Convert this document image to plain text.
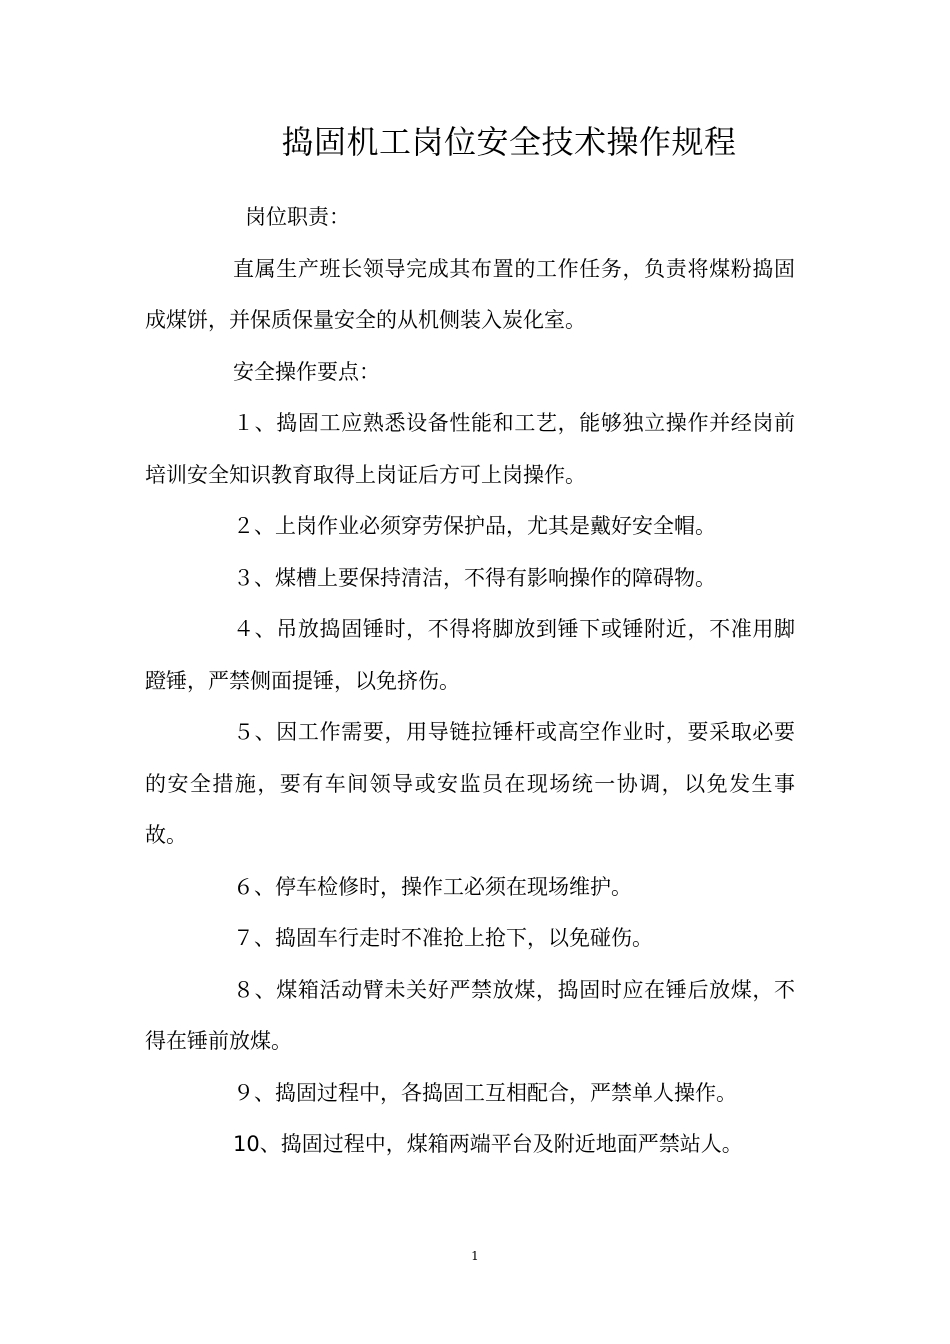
捣固机工岗位安全技术操作规程

岗位职责：

直属生产班长领导完成其布置的工作任务，负责将煤粉捣固成煤饼，并保质保量安全的从机侧装入炭化室。

安全操作要点：

１、捣固工应熟悉设备性能和工艺，能够独立操作并经岗前培训安全知识教育取得上岗证后方可上岗操作。

２、上岗作业必须穿劳保护品，尤其是戴好安全帽。

３、煤槽上要保持清洁，不得有影响操作的障碍物。

４、吊放捣固锤时，不得将脚放到锤下或锤附近，不准用脚蹬锤，严禁侧面提锤，以免挤伤。

５、因工作需要，用导链拉锤杆或高空作业时，要采取必要的安全措施，要有车间领导或安监员在现场统一协调，以免发生事故。

６、停车检修时，操作工必须在现场维护。

７、捣固车行走时不准抢上抢下，以免碰伤。

８、煤箱活动臂未关好严禁放煤，捣固时应在锤后放煤，不得在锤前放煤。

９、捣固过程中，各捣固工互相配合，严禁单人操作。

10、捣固过程中，煤箱两端平台及附近地面严禁站人。

1
